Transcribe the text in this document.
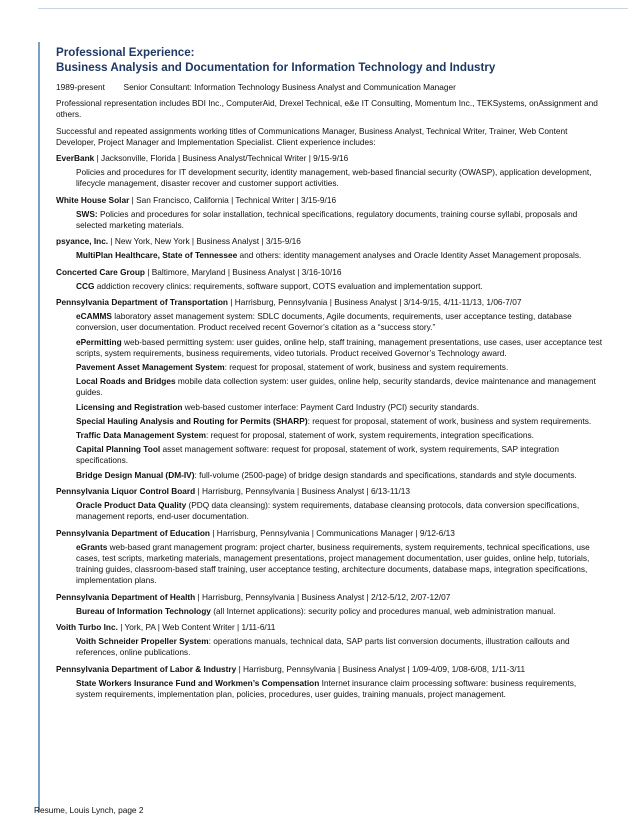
Professional Experience:
Business Analysis and Documentation for Information Technology and Industry
1989-present Senior Consultant: Information Technology Business Analyst and Communication Manager
Professional representation includes BDI Inc., ComputerAid, Drexel Technical, e&e IT Consulting, Momentum Inc., TEKSystems, onAssignment and others.
Successful and repeated assignments working titles of Communications Manager, Business Analyst, Technical Writer, Trainer, Web Content Developer, Project Manager and Implementation Specialist. Client experience includes:
EverBank | Jacksonville, Florida | Business Analyst/Technical Writer | 9/15-9/16
Policies and procedures for IT development security, identity management, web-based financial security (OWASP), application development, lifecycle management, disaster recover and customer support activities.
White House Solar | San Francisco, California | Technical Writer | 3/15-9/16
SWS: Policies and procedures for solar installation, technical specifications, regulatory documents, training course syllabi, proposals and selected marketing materials.
psyance, Inc. | New York, New York | Business Analyst | 3/15-9/16
MultiPlan Healthcare, State of Tennessee and others: identity management analyses and Oracle Identity Asset Management proposals.
Concerted Care Group | Baltimore, Maryland | Business Analyst | 3/16-10/16
CCG addiction recovery clinics: requirements, software support, COTS evaluation and implementation support.
Pennsylvania Department of Transportation | Harrisburg, Pennsylvania | Business Analyst | 3/14-9/15, 4/11-11/13, 1/06-7/07
eCAMMS laboratory asset management system: SDLC documents, Agile documents, requirements, user acceptance testing, database conversion, user documentation. Product received recent Governor’s citation as a “success story.”
ePermitting web-based permitting system: user guides, online help, staff training, management presentations, use cases, user acceptance test scripts, system requirements, business requirements, video tutorials. Product received Governor’s Technology award.
Pavement Asset Management System: request for proposal, statement of work, business and system requirements.
Local Roads and Bridges mobile data collection system: user guides, online help, security standards, device maintenance and management guides.
Licensing and Registration web-based customer interface: Payment Card Industry (PCI) security standards.
Special Hauling Analysis and Routing for Permits (SHARP): request for proposal, statement of work, business and system requirements.
Traffic Data Management System: request for proposal, statement of work, system requirements, integration specifications.
Capital Planning Tool asset management software: request for proposal, statement of work, system requirements, SAP integration specifications.
Bridge Design Manual (DM-IV): full-volume (2500-page) of bridge design standards and specifications, standards and style documents.
Pennsylvania Liquor Control Board | Harrisburg, Pennsylvania | Business Analyst | 6/13-11/13
Oracle Product Data Quality (PDQ data cleansing): system requirements, database cleansing protocols, data conversion specifications, management reports, end-user documentation.
Pennsylvania Department of Education | Harrisburg, Pennsylvania | Communications Manager | 9/12-6/13
eGrants web-based grant management program: project charter, business requirements, system requirements, technical specifications, use cases, test scripts, marketing materials, management presentations, project management documentation, user guides, online help, tutorials, training guides, classroom-based staff training, user acceptance testing, architecture documents, database maps, integration specifications, implementation plans.
Pennsylvania Department of Health | Harrisburg, Pennsylvania | Business Analyst | 2/12-5/12, 2/07-12/07
Bureau of Information Technology (all Internet applications): security policy and procedures manual, web administration manual.
Voith Turbo Inc. | York, PA | Web Content Writer | 1/11-6/11
Voith Schneider Propeller System: operations manuals, technical data, SAP parts list conversion documents, illustration callouts and references, online publications.
Pennsylvania Department of Labor & Industry | Harrisburg, Pennsylvania | Business Analyst | 1/09-4/09, 1/08-6/08, 1/11-3/11
State Workers Insurance Fund and Workmen’s Compensation Internet insurance claim processing software: business requirements, system requirements, implementation plan, policies, procedures, user guides, training manuals, project management.
Resume, Louis Lynch, page 2
